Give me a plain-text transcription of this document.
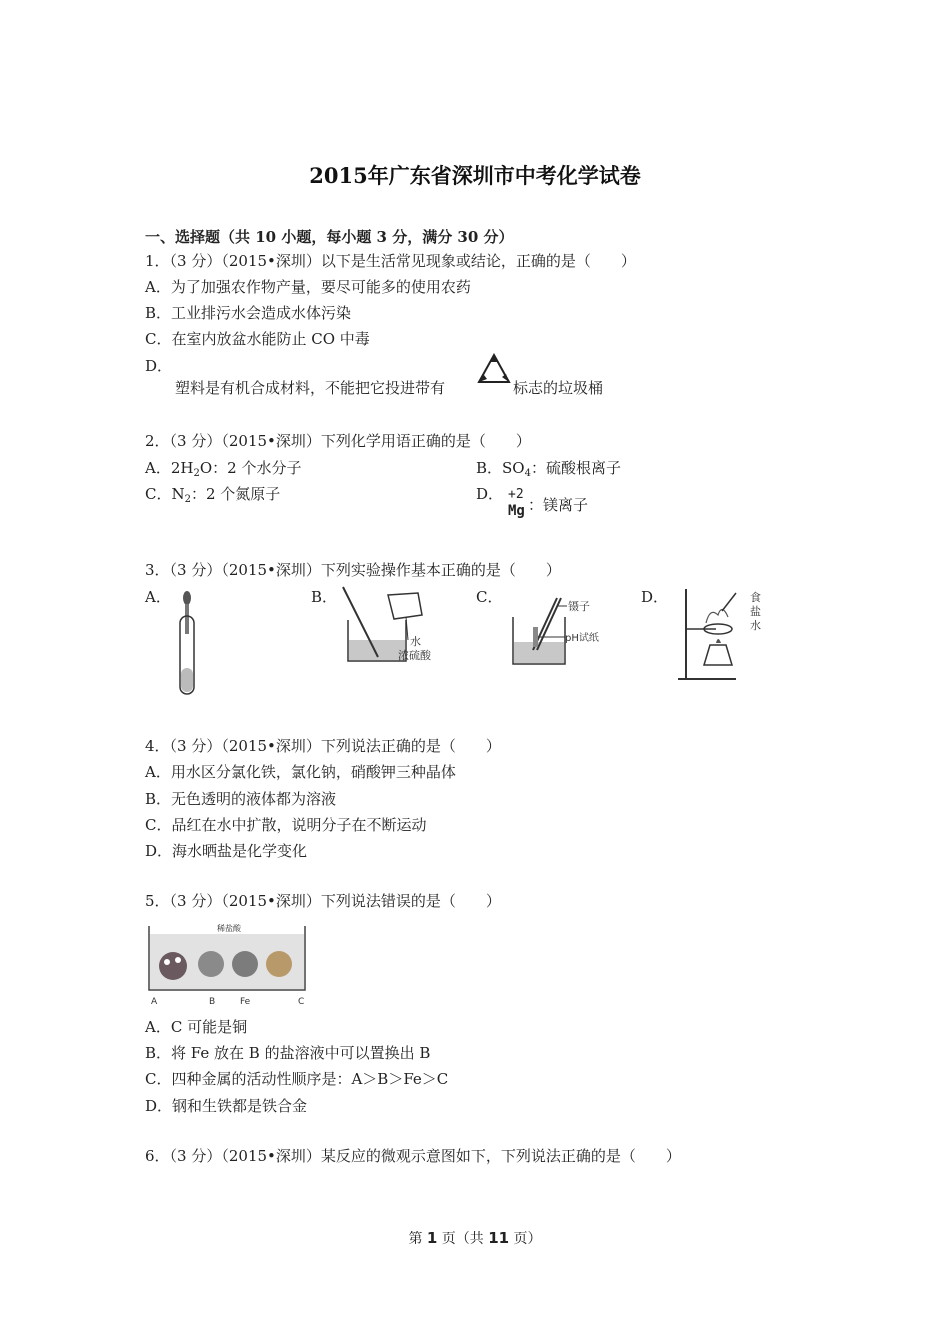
2015年广东省深圳市中考化学试卷
一、选择题（共 10 小题，每小题 3 分，满分 30 分）
1．（3 分）（2015•深圳）以下是生活常见现象或结论，正确的是（　　）
A．为了加强农作物产量，要尽可能多的使用农药
B．工业排污水会造成水体污染
C．在室内放盆水能防止 CO 中毒
D．
塑料是有机合成材料，不能把它投进带有	标志的垃圾桶
2．（3 分）（2015•深圳）下列化学用语正确的是（　　）
A．$2H_2O$：2 个水分子	B．$SO_4$：硫酸根离子
C．$N_2$：2 个氮原子	D． +2
Mg ：镁离子
3．（3 分）（2015•深圳）下列实验操作基本正确的是（　　）
A．	B．	C．	D．
水
浓硫酸
镊子
pH试纸
食
盐
水
4．（3 分）（2015•深圳）下列说法正确的是（　　）
A．用水区分氯化铁，氯化钠，硝酸钾三种晶体
B．无色透明的液体都为溶液
C．品红在水中扩散，说明分子在不断运动
D．海水晒盐是化学变化
5．（3 分）（2015•深圳）下列说法错误的是（　　）
稀盐酸
A	B	Fe	C
A．C 可能是铜
B．将 Fe 放在 B 的盐溶液中可以置换出 B
C．四种金属的活动性顺序是：A＞B＞Fe＞C
D．钢和生铁都是铁合金
6．（3 分）（2015•深圳）某反应的微观示意图如下，下列说法正确的是（　　）
第 1 页（共 11 页）
